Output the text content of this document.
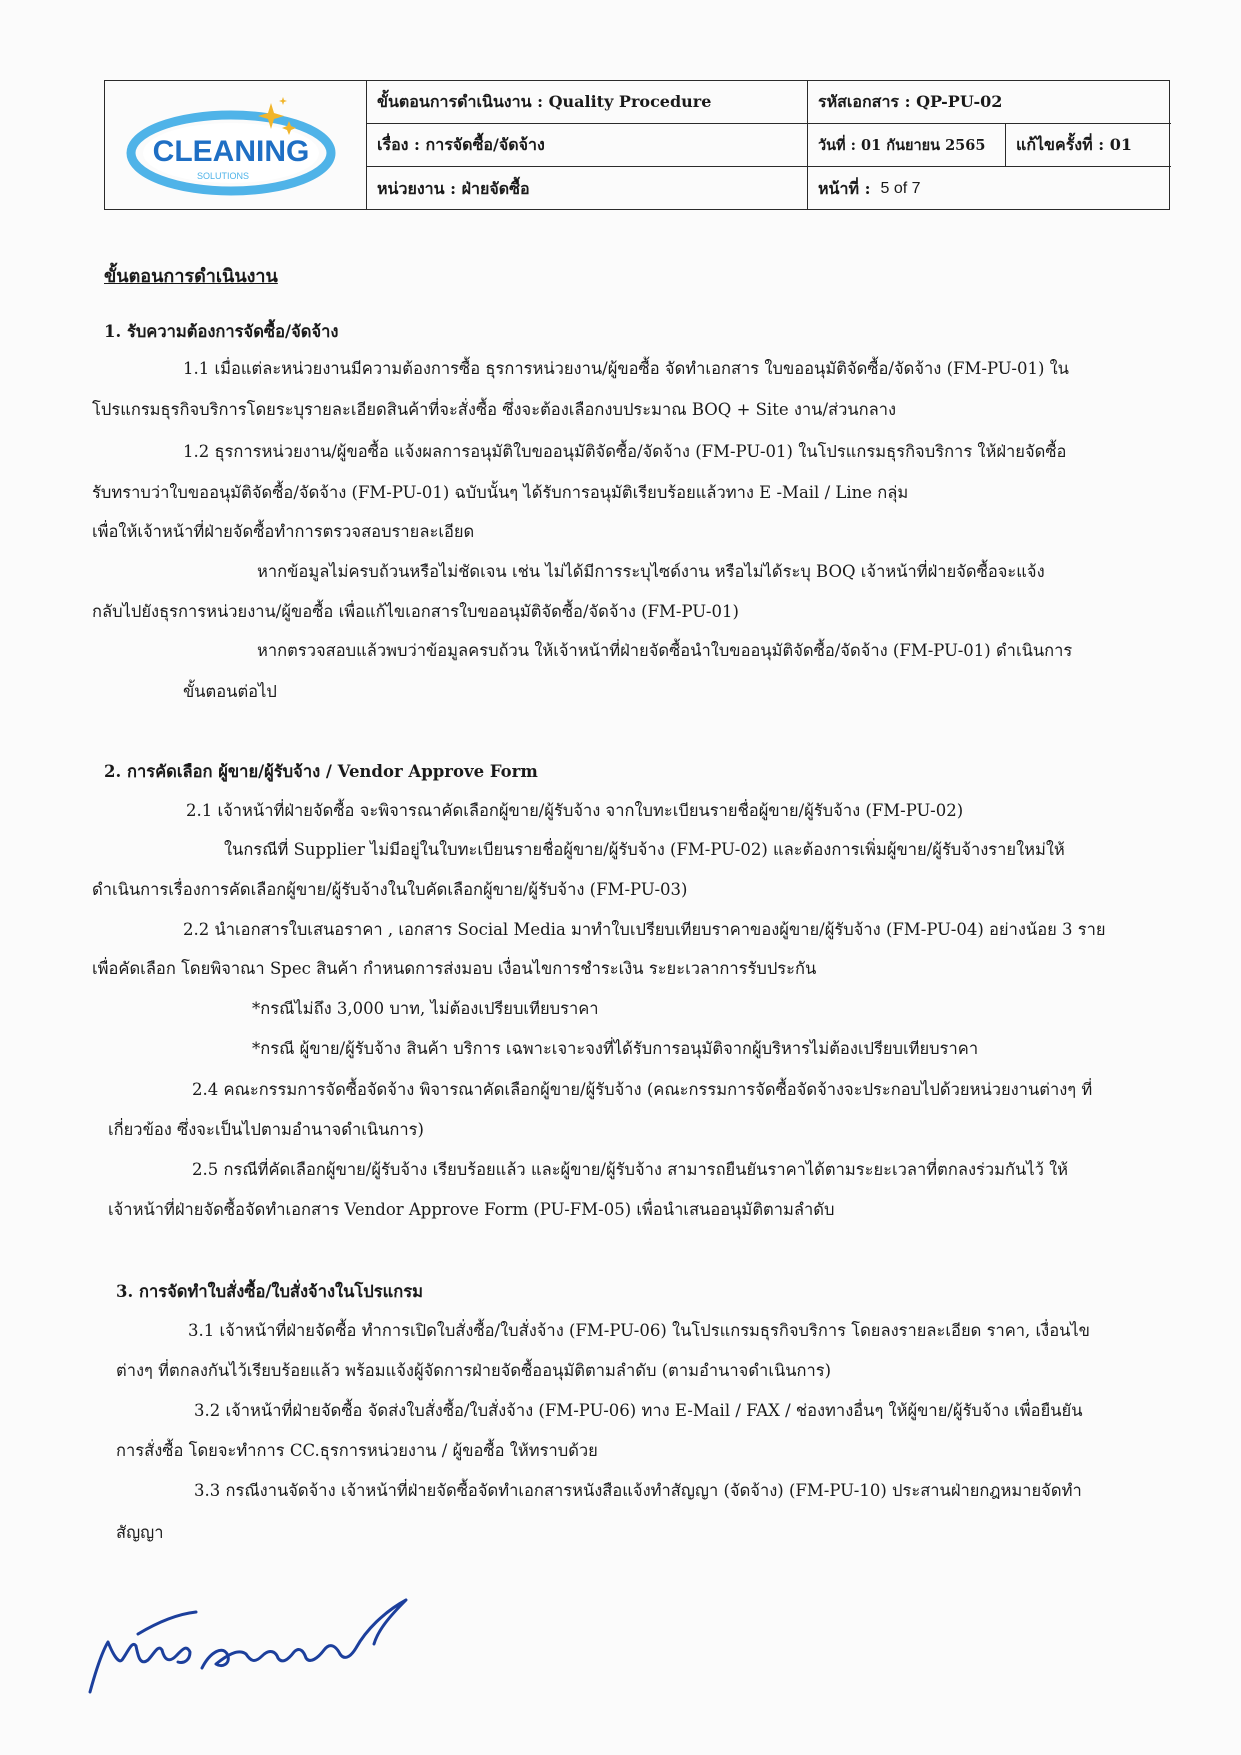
CLEANING
SOLUTIONS
ขั้นตอนการดำเนินงาน : Quality Procedure
เรื่อง : การจัดซื้อ/จัดจ้าง
หน่วยงาน : ฝ่ายจัดซื้อ
รหัสเอกสาร : QP-PU-02
วันที่ : 01 กันยายน 2565	แก้ไขครั้งที่ : 01
หน้าที่ : 5 of 7
ขั้นตอนการดำเนินงาน
1. รับความต้องการจัดซื้อ/จัดจ้าง
1.1 เมื่อแต่ละหน่วยงานมีความต้องการซื้อ ธุรการหน่วยงาน/ผู้ขอซื้อ จัดทำเอกสาร ใบขออนุมัติจัดซื้อ/จัดจ้าง (FM-PU-01) ใน
โปรแกรมธุรกิจบริการโดยระบุรายละเอียดสินค้าที่จะสั่งซื้อ ซึ่งจะต้องเลือกงบประมาณ BOQ + Site งาน/ส่วนกลาง
1.2 ธุรการหน่วยงาน/ผู้ขอซื้อ แจ้งผลการอนุมัติใบขออนุมัติจัดซื้อ/จัดจ้าง (FM-PU-01) ในโปรแกรมธุรกิจบริการ ให้ฝ่ายจัดซื้อ
รับทราบว่าใบขออนุมัติจัดซื้อ/จัดจ้าง (FM-PU-01) ฉบับนั้นๆ ได้รับการอนุมัติเรียบร้อยแล้วทาง E -Mail / Line กลุ่ม
เพื่อให้เจ้าหน้าที่ฝ่ายจัดซื้อทำการตรวจสอบรายละเอียด
หากข้อมูลไม่ครบถ้วนหรือไม่ชัดเจน เช่น ไม่ได้มีการระบุไซด์งาน หรือไม่ได้ระบุ BOQ เจ้าหน้าที่ฝ่ายจัดซื้อจะแจ้ง
กลับไปยังธุรการหน่วยงาน/ผู้ขอซื้อ เพื่อแก้ไขเอกสารใบขออนุมัติจัดซื้อ/จัดจ้าง (FM-PU-01)
หากตรวจสอบแล้วพบว่าข้อมูลครบถ้วน ให้เจ้าหน้าที่ฝ่ายจัดซื้อนำใบขออนุมัติจัดซื้อ/จัดจ้าง (FM-PU-01) ดำเนินการ
ขั้นตอนต่อไป
2. การคัดเลือก ผู้ขาย/ผู้รับจ้าง / Vendor Approve Form
2.1 เจ้าหน้าที่ฝ่ายจัดซื้อ จะพิจารณาคัดเลือกผู้ขาย/ผู้รับจ้าง จากใบทะเบียนรายชื่อผู้ขาย/ผู้รับจ้าง (FM-PU-02)
ในกรณีที่ Supplier ไม่มีอยู่ในใบทะเบียนรายชื่อผู้ขาย/ผู้รับจ้าง (FM-PU-02) และต้องการเพิ่มผู้ขาย/ผู้รับจ้างรายใหม่ให้
ดำเนินการเรื่องการคัดเลือกผู้ขาย/ผู้รับจ้างในใบคัดเลือกผู้ขาย/ผู้รับจ้าง (FM-PU-03)
2.2 นำเอกสารใบเสนอราคา , เอกสาร Social Media มาทำใบเปรียบเทียบราคาของผู้ขาย/ผู้รับจ้าง (FM-PU-04) อย่างน้อย 3 ราย
เพื่อคัดเลือก โดยพิจาณา Spec สินค้า กำหนดการส่งมอบ เงื่อนไขการชำระเงิน ระยะเวลาการรับประกัน
*กรณีไม่ถึง 3,000 บาท, ไม่ต้องเปรียบเทียบราคา
*กรณี ผู้ขาย/ผู้รับจ้าง สินค้า บริการ เฉพาะเจาะจงที่ได้รับการอนุมัติจากผู้บริหารไม่ต้องเปรียบเทียบราคา
2.4 คณะกรรมการจัดซื้อจัดจ้าง พิจารณาคัดเลือกผู้ขาย/ผู้รับจ้าง (คณะกรรมการจัดซื้อจัดจ้างจะประกอบไปด้วยหน่วยงานต่างๆ ที่
เกี่ยวข้อง ซึ่งจะเป็นไปตามอำนาจดำเนินการ)
2.5 กรณีที่คัดเลือกผู้ขาย/ผู้รับจ้าง เรียบร้อยแล้ว และผู้ขาย/ผู้รับจ้าง สามารถยืนยันราคาได้ตามระยะเวลาที่ตกลงร่วมกันไว้ ให้
เจ้าหน้าที่ฝ่ายจัดซื้อจัดทำเอกสาร Vendor Approve Form (PU-FM-05) เพื่อนำเสนออนุมัติตามลำดับ
3. การจัดทำใบสั่งซื้อ/ใบสั่งจ้างในโปรแกรม
3.1 เจ้าหน้าที่ฝ่ายจัดซื้อ ทำการเปิดใบสั่งซื้อ/ใบสั่งจ้าง (FM-PU-06) ในโปรแกรมธุรกิจบริการ โดยลงรายละเอียด ราคา, เงื่อนไข
ต่างๆ ที่ตกลงกันไว้เรียบร้อยแล้ว พร้อมแจ้งผู้จัดการฝ่ายจัดซื้ออนุมัติตามลำดับ (ตามอำนาจดำเนินการ)
3.2 เจ้าหน้าที่ฝ่ายจัดซื้อ จัดส่งใบสั่งซื้อ/ใบสั่งจ้าง (FM-PU-06) ทาง E-Mail / FAX / ช่องทางอื่นๆ ให้ผู้ขาย/ผู้รับจ้าง เพื่อยืนยัน
การสั่งซื้อ โดยจะทำการ CC.ธุรการหน่วยงาน / ผู้ขอซื้อ ให้ทราบด้วย
3.3 กรณีงานจัดจ้าง เจ้าหน้าที่ฝ่ายจัดซื้อจัดทำเอกสารหนังสือแจ้งทำสัญญา (จัดจ้าง) (FM-PU-10) ประสานฝ่ายกฎหมายจัดทำ
สัญญา
